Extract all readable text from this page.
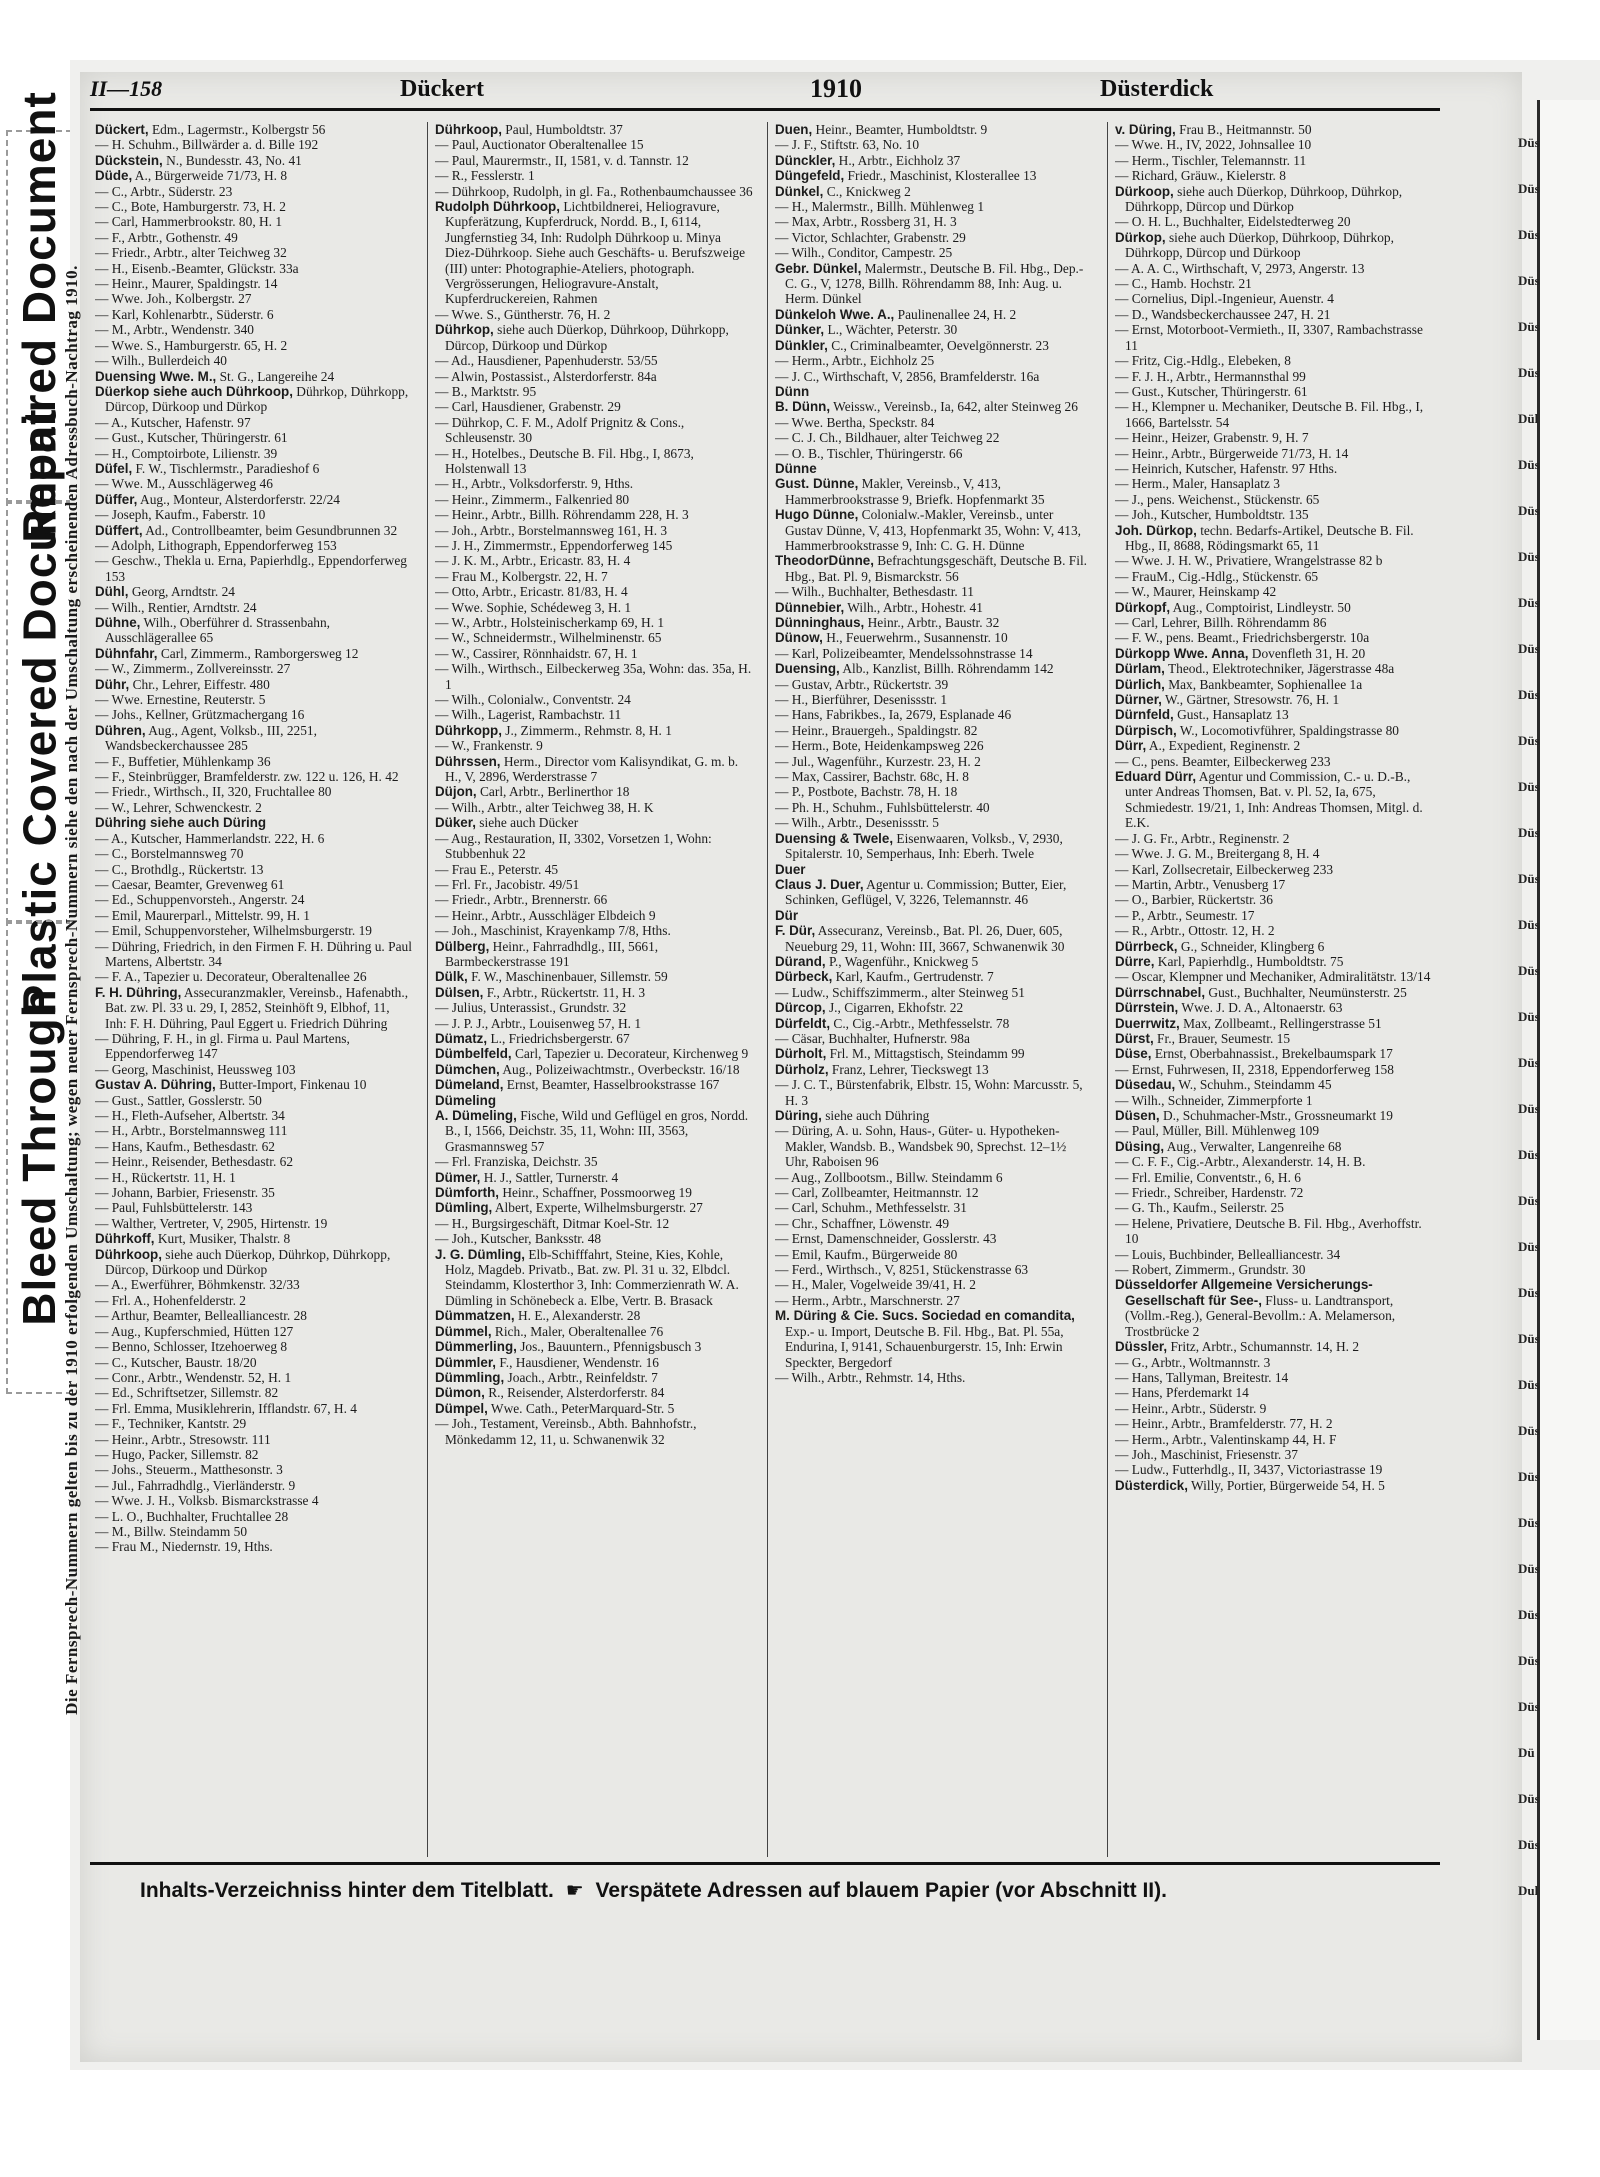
Repaired Document
Plastic Covered Document
Bleed Through
II—158	Dückert	1910	Düsterdick
Die Fernsprech-Nummern gelten bis zu der 1910 erfolgenden Umschaltung; wegen neuer Fernsprech-Nummern siehe den nach der Umschaltung erscheinenden Adressbuch-Nachtrag 1910.

Dückert, Edm., Lagermstr., Kolbergstr 56

— H. Schuhm., Billwärder a. d. Bille 192

Dückstein, N., Bundesstr. 43, No. 41

Düde, A., Bürgerweide 71/73, H. 8

— C., Arbtr., Süderstr. 23

— C., Bote, Hamburgerstr. 73, H. 2

— Carl, Hammerbrookstr. 80, H. 1

— F., Arbtr., Gothenstr. 49

— Friedr., Arbtr., alter Teichweg 32

— H., Eisenb.-Beamter, Glückstr. 33a

— Heinr., Maurer, Spaldingstr. 14

— Wwe. Joh., Kolbergstr. 27

— Karl, Kohlenarbtr., Süderstr. 6

— M., Arbtr., Wendenstr. 340

— Wwe. S., Hamburgerstr. 65, H. 2

— Wilh., Bullerdeich 40

Duensing Wwe. M., St. G., Langereihe 24

Düerkop siehe auch Dührkoop, Dührkop, Dührkopp, Dürcop, Dürkoop und Dürkop

— A., Kutscher, Hafenstr. 97

— Gust., Kutscher, Thüringerstr. 61

— H., Comptoirbote, Lilienstr. 39

Düfel, F. W., Tischlermstr., Paradieshof 6

— Wwe. M., Ausschlägerweg 46

Düffer, Aug., Monteur, Alsterdorferstr. 22/24

— Joseph, Kaufm., Faberstr. 10

Düffert, Ad., Controllbeamter, beim Gesundbrunnen 32

— Adolph, Lithograph, Eppendorferweg 153

— Geschw., Thekla u. Erna, Papierhdlg., Eppendorferweg 153

Dühl, Georg, Arndtstr. 24

— Wilh., Rentier, Arndtstr. 24

Dühne, Wilh., Oberführer d. Strassenbahn, Ausschlägerallee 65

Dühnfahr, Carl, Zimmerm., Ramborgersweg 12

— W., Zimmerm., Zollvereinsstr. 27

Dühr, Chr., Lehrer, Eiffestr. 480

— Wwe. Ernestine, Reuterstr. 5

— Johs., Kellner, Grützmachergang 16

Dühren, Aug., Agent, Volksb., III, 2251, Wandsbeckerchaussee 285

— F., Buffetier, Mühlenkamp 36

— F., Steinbrügger, Bramfelderstr. zw. 122 u. 126, H. 42

— Friedr., Wirthsch., II, 320, Fruchtallee 80

— W., Lehrer, Schwenckestr. 2

Dühring siehe auch Düring

— A., Kutscher, Hammerlandstr. 222, H. 6

— C., Borstelmannsweg 70

— C., Brothdlg., Rückertstr. 13

— Caesar, Beamter, Grevenweg 61

— Ed., Schuppenvorsteh., Angerstr. 24

— Emil, Maurerparl., Mittelstr. 99, H. 1

— Emil, Schuppenvorsteher, Wilhelmsburgerstr. 19

— Dühring, Friedrich, in den Firmen F. H. Dühring u. Paul Martens, Albertstr. 34

— F. A., Tapezier u. Decorateur, Oberaltenallee 26

F. H. Dühring, Assecuranzmakler, Vereinsb., Hafenabth., Bat. zw. Pl. 33 u. 29, I, 2852, Steinhöft 9, Elbhof, 11, Inh: F. H. Dühring, Paul Eggert u. Friedrich Dühring

— Dühring, F. H., in gl. Firma u. Paul Martens, Eppendorferweg 147

— Georg, Maschinist, Heussweg 103

Gustav A. Dühring, Butter-Import, Finkenau 10

— Gust., Sattler, Gosslerstr. 50

— H., Fleth-Aufseher, Albertstr. 34

— H., Arbtr., Borstelmannsweg 111

— Hans, Kaufm., Bethesdastr. 62

— Heinr., Reisender, Bethesdastr. 62

— H., Rückertstr. 11, H. 1

— Johann, Barbier, Friesenstr. 35

— Paul, Fuhlsbüttelerstr. 143

— Walther, Vertreter, V, 2905, Hirtenstr. 19

Dührkoff, Kurt, Musiker, Thalstr. 8

Dührkoop, siehe auch Düerkop, Dührkop, Dührkopp, Dürcop, Dürkoop und Dürkop

— A., Ewerführer, Böhmkenstr. 32/33

— Frl. A., Hohenfelderstr. 2

— Arthur, Beamter, Belleallianсestr. 28

— Aug., Kupferschmied, Hütten 127

— Benno, Schlosser, Itzehoerweg 8

— C., Kutscher, Baustr. 18/20

— Conr., Arbtr., Wendenstr. 52, H. 1

— Ed., Schriftsetzer, Sillemstr. 82

— Frl. Emma, Musiklehrerin, Ifflandstr. 67, H. 4

— F., Techniker, Kantstr. 29

— Heinr., Arbtr., Stresowstr. 111

— Hugo, Packer, Sillemstr. 82

— Johs., Steuerm., Matthesonstr. 3

— Jul., Fahrradhdlg., Vierländerstr. 9

— Wwe. J. H., Volksb. Bismarckstrasse 4

— L. O., Buchhalter, Fruchtallee 28

— M., Billw. Steindamm 50

— Frau M., Niedernstr. 19, Hths.

Dührkoop, Paul, Humboldtstr. 37

— Paul, Auctionator Oberaltenallee 15

— Paul, Maurermstr., II, 1581, v. d. Tannstr. 12

— R., Fesslerstr. 1

— Dührkoop, Rudolph, in gl. Fa., Rothenbaumchaussee 36

Rudolph Dührkoop, Lichtbildnerei, Heliogravure, Kupferätzung, Kupferdruck, Nordd. B., I, 6114, Jungfernstieg 34, Inh: Rudolph Dührkoop u. Minya Diez-Dührkoop. Siehe auch Geschäfts- u. Berufszweige (III) unter: Photographie-Ateliers, photograph. Vergrösserungen, Heliogravure-Anstalt, Kupferdruckereien, Rahmen

— Wwe. S., Güntherstr. 76, H. 2

Dührkop, siehe auch Düerkop, Dührkoop, Dührkopp, Dürcop, Dürkoop und Dürkop

— Ad., Hausdiener, Papenhuderstr. 53/55

— Alwin, Postassist., Alsterdorferstr. 84a

— B., Marktstr. 95

— Carl, Hausdiener, Grabenstr. 29

— Dührkop, C. F. M., Adolf Prignitz & Cons., Schleusenstr. 30

— H., Hotelbes., Deutsche B. Fil. Hbg., I, 8673, Holstenwall 13

— H., Arbtr., Volksdorferstr. 9, Hths.

— Heinr., Zimmerm., Falkenried 80

— Heinr., Arbtr., Billh. Röhrendamm 228, H. 3

— Joh., Arbtr., Borstelmannsweg 161, H. 3

— J. H., Zimmermstr., Eppendorferweg 145

— J. K. M., Arbtr., Ericastr. 83, H. 4

— Frau M., Kolbergstr. 22, H. 7

— Otto, Arbtr., Ericastr. 81/83, H. 4

— Wwe. Sophie, Schédeweg 3, H. 1

— W., Arbtr., Holsteinischerkamp 69, H. 1

— W., Schneidermstr., Wilhelminenstr. 65

— W., Cassirer, Rönnhaidstr. 67, H. 1

— Wilh., Wirthsch., Eilbeckerweg 35a, Wohn: das. 35a, H. 1

— Wilh., Colonialw., Conventstr. 24

— Wilh., Lagerist, Rambachstr. 11

Dührkopp, J., Zimmerm., Rehmstr. 8, H. 1

— W., Frankenstr. 9

Dührssen, Herm., Director vom Kalisyndikat, G. m. b. H., V, 2896, Werderstrasse 7

Düjon, Carl, Arbtr., Berlinerthor 18

— Wilh., Arbtr., alter Teichweg 38, H. K

Düker, siehe auch Dücker

— Aug., Restauration, II, 3302, Vorsetzen 1, Wohn: Stubbenhuk 22

— Frau E., Peterstr. 45

— Frl. Fr., Jacobistr. 49/51

— Friedr., Arbtr., Brennerstr. 66

— Heinr., Arbtr., Ausschläger Elbdeich 9

— Joh., Maschinist, Krayenkamp 7/8, Hths.

Dülberg, Heinr., Fahrradhdlg., III, 5661, Barmbeckerstrasse 191

Dülk, F. W., Maschinenbauer, Sillemstr. 59

Dülsen, F., Arbtr., Rückertstr. 11, H. 3

— Julius, Unterassist., Grundstr. 32

— J. P. J., Arbtr., Louisenweg 57, H. 1

Dümatz, L., Friedrichsbergerstr. 67

Dümbelfeld, Carl, Tapezier u. Decorateur, Kirchenweg 9

Dümchen, Aug., Polizeiwachtmstr., Overbeckstr. 16/18

Dümeland, Ernst, Beamter, Hasselbrookstrasse 167

Dümeling

A. Dümeling, Fische, Wild und Geflügel en gros, Nordd. B., I, 1566, Deichstr. 35, 11, Wohn: III, 3563, Grasmannsweg 57

— Frl. Franziska, Deichstr. 35

Dümer, H. J., Sattler, Turnerstr. 4

Dümforth, Heinr., Schaffner, Possmoorweg 19

Dümling, Albert, Experte, Wilhelmsburgerstr. 27

— H., Burgsirgeschäft, Ditmar Koel-Str. 12

— Joh., Kutscher, Banksstr. 48

J. G. Dümling, Elb-Schifffahrt, Steine, Kies, Kohle, Holz, Magdeb. Privatb., Bat. zw. Pl. 31 u. 32, Elbdcl. Steindamm, Klosterthor 3, Inh: Commerzienrath W. A. Dümling in Schönebeck a. Elbe, Vertr. B. Brasack

Dümmatzen, H. E., Alexanderstr. 28

Dümmel, Rich., Maler, Oberaltenallee 76

Dümmerling, Jos., Bauuntern., Pfennigsbusch 3

Dümmler, F., Hausdiener, Wendenstr. 16

Dümmling, Joach., Arbtr., Reinfeldstr. 7

Dümon, R., Reisender, Alsterdorferstr. 84

Dümpel, Wwe. Cath., PeterMarquard-Str. 5

— Joh., Testament, Vereinsb., Abth. Bahnhofstr., Mönkedamm 12, 11, u. Schwanenwik 32

Duen, Heinr., Beamter, Humboldtstr. 9

— J. F., Stiftstr. 63, No. 10

Dünckler, H., Arbtr., Eichholz 37

Düngefeld, Friedr., Maschinist, Klosterallee 13

Dünkel, C., Knickweg 2

— H., Malermstr., Billh. Mühlenweg 1

— Max, Arbtr., Rossberg 31, H. 3

— Victor, Schlachter, Grabenstr. 29

— Wilh., Conditor, Campestr. 25

Gebr. Dünkel, Malermstr., Deutsche B. Fil. Hbg., Dep.-C. G., V, 1278, Billh. Röhrendamm 88, Inh: Aug. u. Herm. Dünkel

Dünkeloh Wwe. A., Paulinenallee 24, H. 2

Dünker, L., Wächter, Peterstr. 30

Dünkler, C., Criminalbeamter, Oevelgönnerstr. 23

— Herm., Arbtr., Eichholz 25

— J. C., Wirthschaft, V, 2856, Bramfelderstr. 16a

Dünn

B. Dünn, Weissw., Vereinsb., Ia, 642, alter Steinweg 26

— Wwe. Bertha, Speckstr. 84

— C. J. Ch., Bildhauer, alter Teichweg 22

— O. B., Tischler, Thüringerstr. 66

Dünne

Gust. Dünne, Makler, Vereinsb., V, 413, Hammerbrookstrasse 9, Briefk. Hopfenmarkt 35

Hugo Dünne, Colonialw.-Makler, Vereinsb., unter Gustav Dünne, V, 413, Hopfenmarkt 35, Wohn: V, 413, Hammerbrookstrasse 9, Inh: C. G. H. Dünne

TheodorDünne, Befrachtungsgeschäft, Deutsche B. Fil. Hbg., Bat. Pl. 9, Bismarckstr. 56

— Wilh., Buchhalter, Bethesdastr. 11

Dünnebier, Wilh., Arbtr., Hohestr. 41

Dünninghaus, Heinr., Arbtr., Baustr. 32

Dünow, H., Feuerwehrm., Susannenstr. 10

— Karl, Polizeibeamter, Mendelssohnstrasse 14

Duensing, Alb., Kanzlist, Billh. Röhrendamm 142

— Gustav, Arbtr., Rückertstr. 39

— H., Bierführer, Desenissstr. 1

— Hans, Fabrikbes., Ia, 2679, Esplanade 46

— Heinr., Brauergeh., Spaldingstr. 82

— Herm., Bote, Heidenkampsweg 226

— Jul., Wagenführ., Kurzestr. 23, H. 2

— Max, Cassirer, Bachstr. 68c, H. 8

— P., Postbote, Bachstr. 78, H. 18

— Ph. H., Schuhm., Fuhlsbüttelerstr. 40

— Wilh., Arbtr., Desenissstr. 5

Duensing & Twele, Eisenwaaren, Volksb., V, 2930, Spitalerstr. 10, Semperhaus, Inh: Eberh. Twele

Duer

Claus J. Duer, Agentur u. Commission; Butter, Eier, Schinken, Geflügel, V, 3226, Telemannstr. 46

Dür

F. Dür, Asseсuranz, Vereinsb., Bat. Pl. 26, Duer, 605, Neueburg 29, 11, Wohn: III, 3667, Schwanenwik 30

Dürand, P., Wagenführ., Knickweg 5

Dürbeck, Karl, Kaufm., Gertrudenstr. 7

— Ludw., Schiffszimmerm., alter Steinweg 51

Dürcop, J., Cigarren, Ekhofstr. 22

Dürfeldt, C., Cig.-Arbtr., Methfesselstr. 78

— Cäsar, Buchhalter, Hufnerstr. 98a

Dürholt, Frl. M., Mittagstisch, Steindamm 99

Dürholz, Franz, Lehrer, Tieckswegt 13

— J. C. T., Bürstenfabrik, Elbstr. 15, Wohn: Marcusstr. 5, H. 3

Düring, siehe auch Dühring

— Düring, A. u. Sohn, Haus-, Güter- u. Hypotheken-Makler, Wandsb. B., Wandsbek 90, Sprechst. 12–1½ Uhr, Raboisen 96

— Aug., Zollbootsm., Billw. Steindamm 6

— Carl, Zollbeamter, Heitmannstr. 12

— Carl, Schuhm., Methfesselstr. 31

— Chr., Schaffner, Löwenstr. 49

— Ernst, Damenschneider, Gosslerstr. 43

— Emil, Kaufm., Bürgerweide 80

— Ferd., Wirthsch., V, 8251, Stückenstrasse 63

— H., Maler, Vogelweide 39/41, H. 2

— Herm., Arbtr., Marschnerstr. 27

M. Düring & Cie. Sucs. Sociedad en comandita, Exp.- u. Import, Deutsche B. Fil. Hbg., Bat. Pl. 55a, Endurina, I, 9141, Schauenburgerstr. 15, Inh: Erwin Speckter, Bergedorf

— Wilh., Arbtr., Rehmstr. 14, Hths.

v. Düring, Frau B., Heitmannstr. 50

— Wwe. H., IV, 2022, Johnsallee 10

— Herm., Tischler, Telemannstr. 11

— Richard, Gräuw., Kielerstr. 8

Dürkoop, siehe auch Düerkop, Dührkoop, Dührkop, Dührkopp, Dürcop und Dürkop

— O. H. L., Buchhalter, Eidelstedterweg 20

Dürkop, siehe auch Düerkop, Dührkoop, Dührkop, Dührkopp, Dürcop und Dürkoop

— A. A. C., Wirthschaft, V, 2973, Angerstr. 13

— C., Hamb. Hochstr. 21

— Cornelius, Dipl.-Ingenieur, Auenstr. 4

— D., Wandsbeckerchaussee 247, H. 21

— Ernst, Motorboot-Vermieth., II, 3307, Rambachstrasse 11

— Fritz, Cig.-Hdlg., Elebeken, 8

— F. J. H., Arbtr., Hermannsthal 99

— Gust., Kutscher, Thüringerstr. 61

— H., Klempner u. Mechaniker, Deutsche B. Fil. Hbg., I, 1666, Bartelsstr. 54

— Heinr., Heizer, Grabenstr. 9, H. 7

— Heinr., Arbtr., Bürgerweide 71/73, H. 14

— Heinrich, Kutscher, Hafenstr. 97 Hths.

— Herm., Maler, Hansaplatz 3

— J., pens. Weichenst., Stückenstr. 65

— Joh., Kutscher, Humboldtstr. 135

Joh. Dürkop, techn. Bedarfs-Artikel, Deutsche B. Fil. Hbg., II, 8688, Rödingsmarkt 65, 11

— Wwe. J. H. W., Privatiere, Wrangelstrasse 82 b

— FrauM., Cig.-Hdlg., Stückenstr. 65

— W., Maurer, Heinskamp 42

Dürkopf, Aug., Comptoirist, Lindleystr. 50

— Carl, Lehrer, Billh. Röhrendamm 86

— F. W., pens. Beamt., Friedrichsbergerstr. 10a

Dürkopp Wwe. Anna, Dovenfleth 31, H. 20

Dürlam, Theod., Elektrotechniker, Jägerstrasse 48a

Dürlich, Max, Bankbeamter, Sophienallee 1a

Dürner, W., Gärtner, Stresowstr. 76, H. 1

Dürnfeld, Gust., Hansaplatz 13

Dürpisch, W., Locomotivführer, Spaldingstrasse 80

Dürr, A., Expedient, Reginenstr. 2

— C., pens. Beamter, Eilbeckerweg 233

Eduard Dürr, Agentur und Commission, C.- u. D.-B., unter Andreas Thomsen, Bat. v. Pl. 52, Ia, 675, Schmiedestr. 19/21, 1, Inh: Andreas Thomsen, Mitgl. d. E.K.

— J. G. Fr., Arbtr., Reginenstr. 2

— Wwe. J. G. M., Breitergang 8, H. 4

— Karl, Zollsecretair, Eilbeckerweg 233

— Martin, Arbtr., Venusberg 17

— O., Barbier, Rückertstr. 36

— P., Arbtr., Seumestr. 17

— R., Arbtr., Ottostr. 12, H. 2

Dürrbeck, G., Schneider, Klingberg 6

Dürre, Karl, Papierhdlg., Humboldtstr. 75

— Oscar, Klempner und Mechaniker, Admiralitätstr. 13/14

Dürrschnabel, Gust., Buchhalter, Neumünsterstr. 25

Dürrstein, Wwe. J. D. A., Altonaerstr. 63

Duerrwitz, Max, Zollbeamt., Rellingerstrasse 51

Dürst, Fr., Brauer, Seumestr. 15

Düse, Ernst, Oberbahnassist., Brekelbaumspark 17

— Ernst, Fuhrwesen, II, 2318, Eppendorferweg 158

Düsedau, W., Schuhm., Steindamm 45

— Wilh., Schneider, Zimmerpforte 1

Düsen, D., Schuhmacher-Mstr., Grossneumarkt 19

— Paul, Müller, Bill. Mühlenweg 109

Düsing, Aug., Verwalter, Langenreihe 68

— C. F. F., Cig.-Arbtr., Alexanderstr. 14, H. B.

— Frl. Emilie, Conventstr., 6, H. 6

— Friedr., Schreiber, Hardenstr. 72

— G. Th., Kaufm., Seilerstr. 25

— Helene, Privatiere, Deutsche B. Fil. Hbg., Averhoffstr. 10

— Louis, Buchbinder, Belleallianсestr. 34

— Robert, Zimmerm., Grundstr. 30

Düsseldorfer Allgemeine Versicherungs-Gesellschaft für See-, Fluss- u. Landtransport, (Vollm.-Reg.), General-Bevollm.: A. Melamerson, Trostbrücke 2

Düssler, Fritz, Arbtr., Schumannstr. 14, H. 2

— G., Arbtr., Woltmannstr. 3

— Hans, Tallyman, Breitestr. 14

— Hans, Pferdemarkt 14

— Heinr., Arbtr., Süderstr. 9

— Heinr., Arbtr., Bramfelderstr. 77, H. 2

— Herm., Arbtr., Valentinskamp 44, H. F

— Joh., Maschinist, Friesenstr. 37

— Ludw., Futterhdlg., II, 3437, Victoriastrasse 19

Düsterdick, Willy, Portier, Bürgerweide 54, H. 5

Inhalts-Verzeichniss hinter dem Titelblatt. ☛ Verspätete Adressen auf blauem Papier (vor Abschnitt II).
Düs
Düs
Düs
Düs
Düs
Düs
Dül
Düs
Düs
Düs
Düs
Düs
Düs
Düs
Düs
Düs
Düs
Düs
Düs
Düs
Düs
Düs
Düs
Düs
Düs
Düs
Düs
Düs
Düs
Düs
Düs
Düs
Düs
Düs
Düs
Dü
Düs
Düs
Dul
